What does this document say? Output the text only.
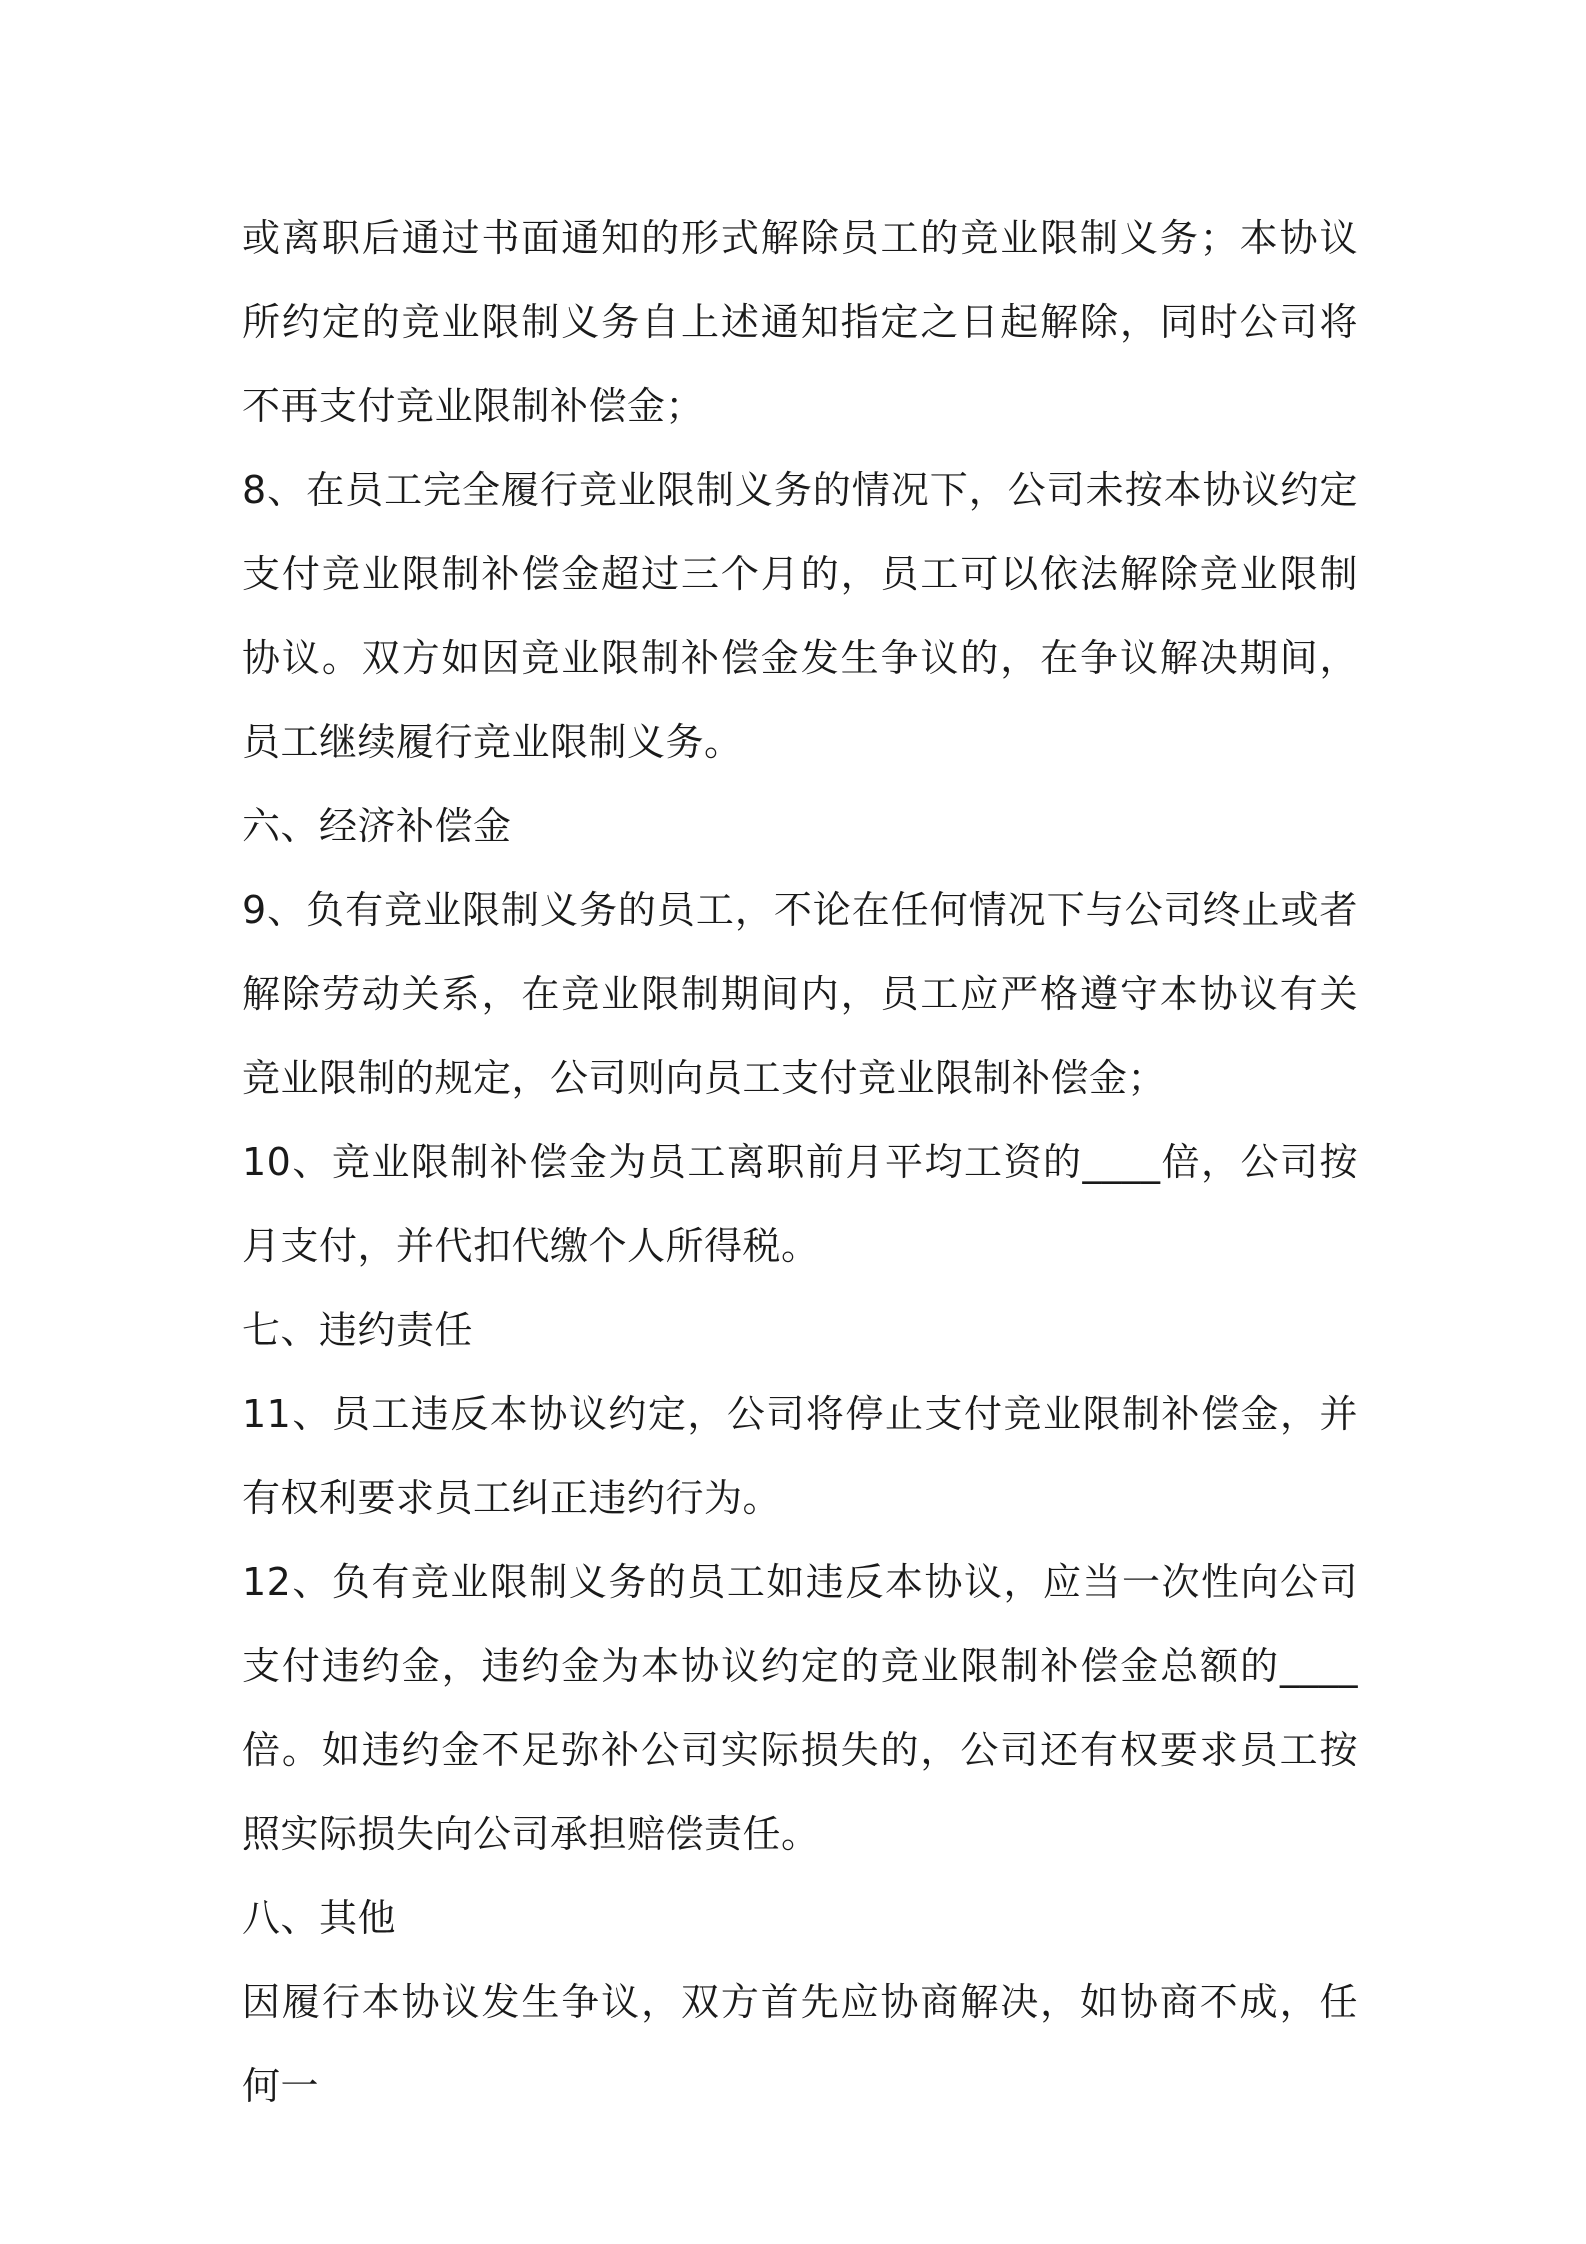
或离职后通过书面通知的形式解除员工的竞业限制义务；本协议所约定的竞业限制义务自上述通知指定之日起解除，同时公司将不再支付竞业限制补偿金；

8、在员工完全履行竞业限制义务的情况下，公司未按本协议约定支付竞业限制补偿金超过三个月的，员工可以依法解除竞业限制协议。双方如因竞业限制补偿金发生争议的，在争议解决期间，员工继续履行竞业限制义务。

六、经济补偿金

9、负有竞业限制义务的员工，不论在任何情况下与公司终止或者解除劳动关系，在竞业限制期间内，员工应严格遵守本协议有关竞业限制的规定，公司则向员工支付竞业限制补偿金；

10、竞业限制补偿金为员工离职前月平均工资的____倍，公司按月支付，并代扣代缴个人所得税。

七、违约责任

11、员工违反本协议约定，公司将停止支付竞业限制补偿金，并有权利要求员工纠正违约行为。

12、负有竞业限制义务的员工如违反本协议，应当一次性向公司支付违约金，违约金为本协议约定的竞业限制补偿金总额的____倍。如违约金不足弥补公司实际损失的，公司还有权要求员工按照实际损失向公司承担赔偿责任。

八、其他

因履行本协议发生争议，双方首先应协商解决，如协商不成，任何一
